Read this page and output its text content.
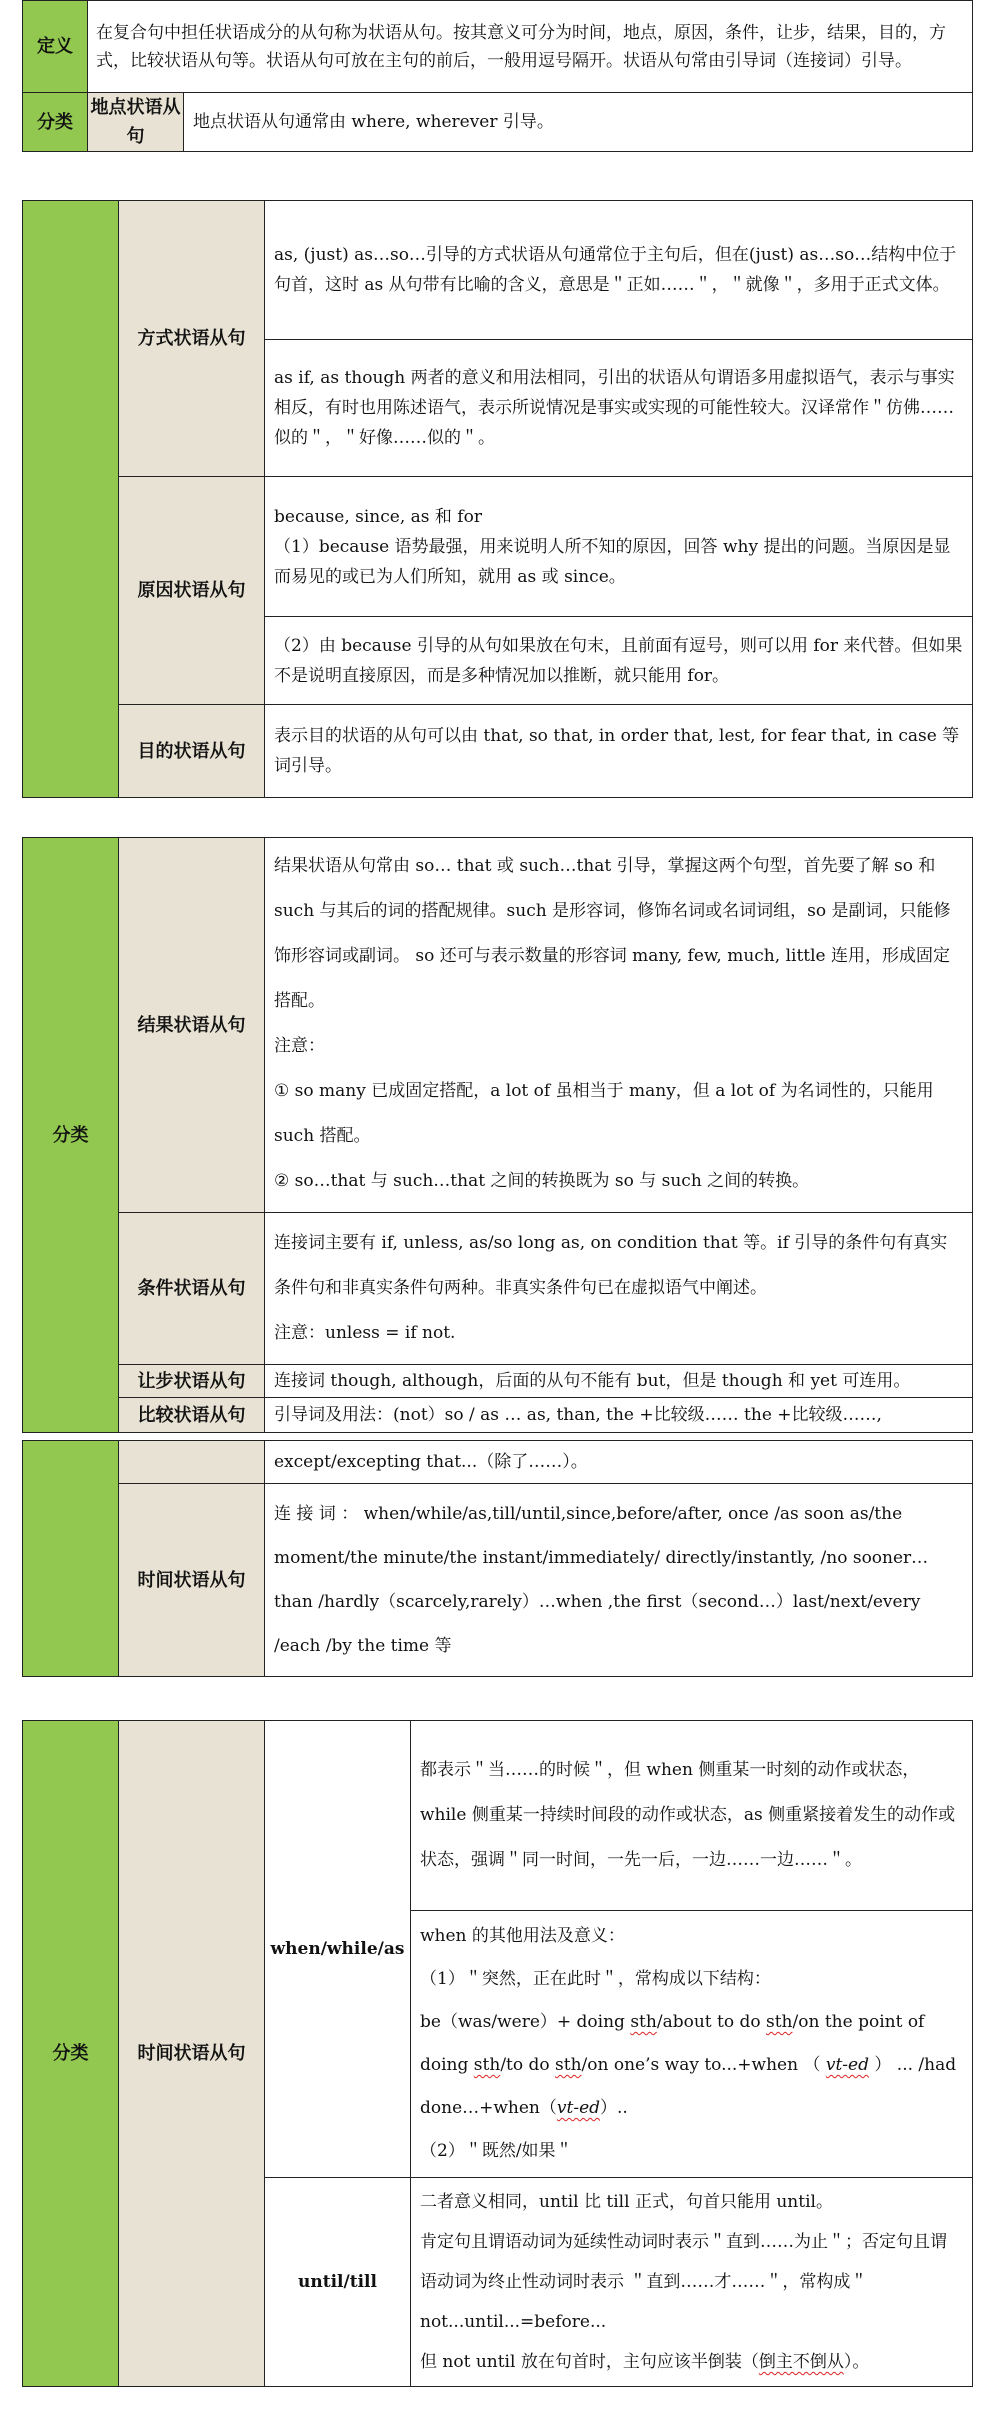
定义	在复合句中担任状语成分的从句称为状语从句。按其意义可分为时间，地点，原因，条件，让步，结果，目的，方式，比较状语从句等。状语从句可放在主句的前后，一般用逗号隔开。状语从句常由引导词（连接词）引导。	

分类	地点状语从句	地点状语从句通常由 where, wherever 引导。

	方式状语从句	as, (just) as…so…引导的方式状语从句通常位于主句后，但在(just) as…so…结构中位于句首，这时 as 从句带有比喻的含义，意思是＂正如……＂，＂就像＂，多用于正式文体。

		as if, as though 两者的意义和用法相同，引出的状语从句谓语多用虚拟语气，表示与事实相反，有时也用陈述语气，表示所说情况是事实或实现的可能性较大。汉译常作＂仿佛……似的＂，＂好像……似的＂。

	原因状语从句	because, since, as 和 for

（1）because 语势最强，用来说明人所不知的原因，回答 why 提出的问题。当原因是显而易见的或已为人们所知，就用 as 或 since。

		（2）由 because 引导的从句如果放在句末，且前面有逗号，则可以用 for 来代替。但如果不是说明直接原因，而是多种情况加以推断，就只能用 for。

	目的状语从句	表示目的状语的从句可以由 that, so that, in order that, lest, for fear that, in case 等词引导。

分类	结果状语从句	结果状语从句常由 so… that 或 such…that 引导，掌握这两个句型，首先要了解 so 和 such 与其后的词的搭配规律。such 是形容词，修饰名词或名词词组，so 是副词，只能修饰形容词或副词。 so 还可与表示数量的形容词 many, few, much, little 连用，形成固定搭配。

注意：

① so many 已成固定搭配，a lot of 虽相当于 many，但 a lot of 为名词性的，只能用 such 搭配。

② so…that 与 such…that 之间的转换既为 so 与 such 之间的转换。

	条件状语从句	连接词主要有 if, unless, as/so long as, on condition that 等。if 引导的条件句有真实条件句和非真实条件句两种。非真实条件句已在虚拟语气中阐述。

注意：unless = if not.

	让步状语从句	连接词 though, although，后面的从句不能有 but，但是 though 和 yet 可连用。

	比较状语从句	引导词及用法：(not）so / as … as, than, the +比较级…… the +比较级……,

		except/excepting that...（除了……）。

	时间状语从句	连 接 词 ： when/while/as,till/until,since,before/after, once /as soon as/the moment/the minute/the instant/immediately/ directly/instantly, /no sooner…than /hardly（scarcely,rarely）…when ,the first（second…）last/next/every /each /by the time 等

分类	时间状语从句	when/while/as	都表示＂当……的时候＂，但 when 侧重某一时刻的动作或状态，while 侧重某一持续时间段的动作或状态，as 侧重紧接着发生的动作或状态，强调＂同一时间，一先一后，一边……一边……＂。

			when 的其他用法及意义：

（1）＂突然，正在此时＂，常构成以下结构：

be（was/were）+ doing sth/about to do sth/on the point of doing sth/to do sth/on one’s way to...+when （ vt-ed ） ... /had done…+when（vt-ed）..

（2）＂既然/如果＂

		until/till	二者意义相同，until 比 till 正式，句首只能用 until。

肯定句且谓语动词为延续性动词时表示＂直到……为止＂；否定句且谓语动词为终止性动词时表示 ＂直到……才……＂，常构成＂not...until...=before...

但 not until 放在句首时，主句应该半倒装（倒主不倒从）。
